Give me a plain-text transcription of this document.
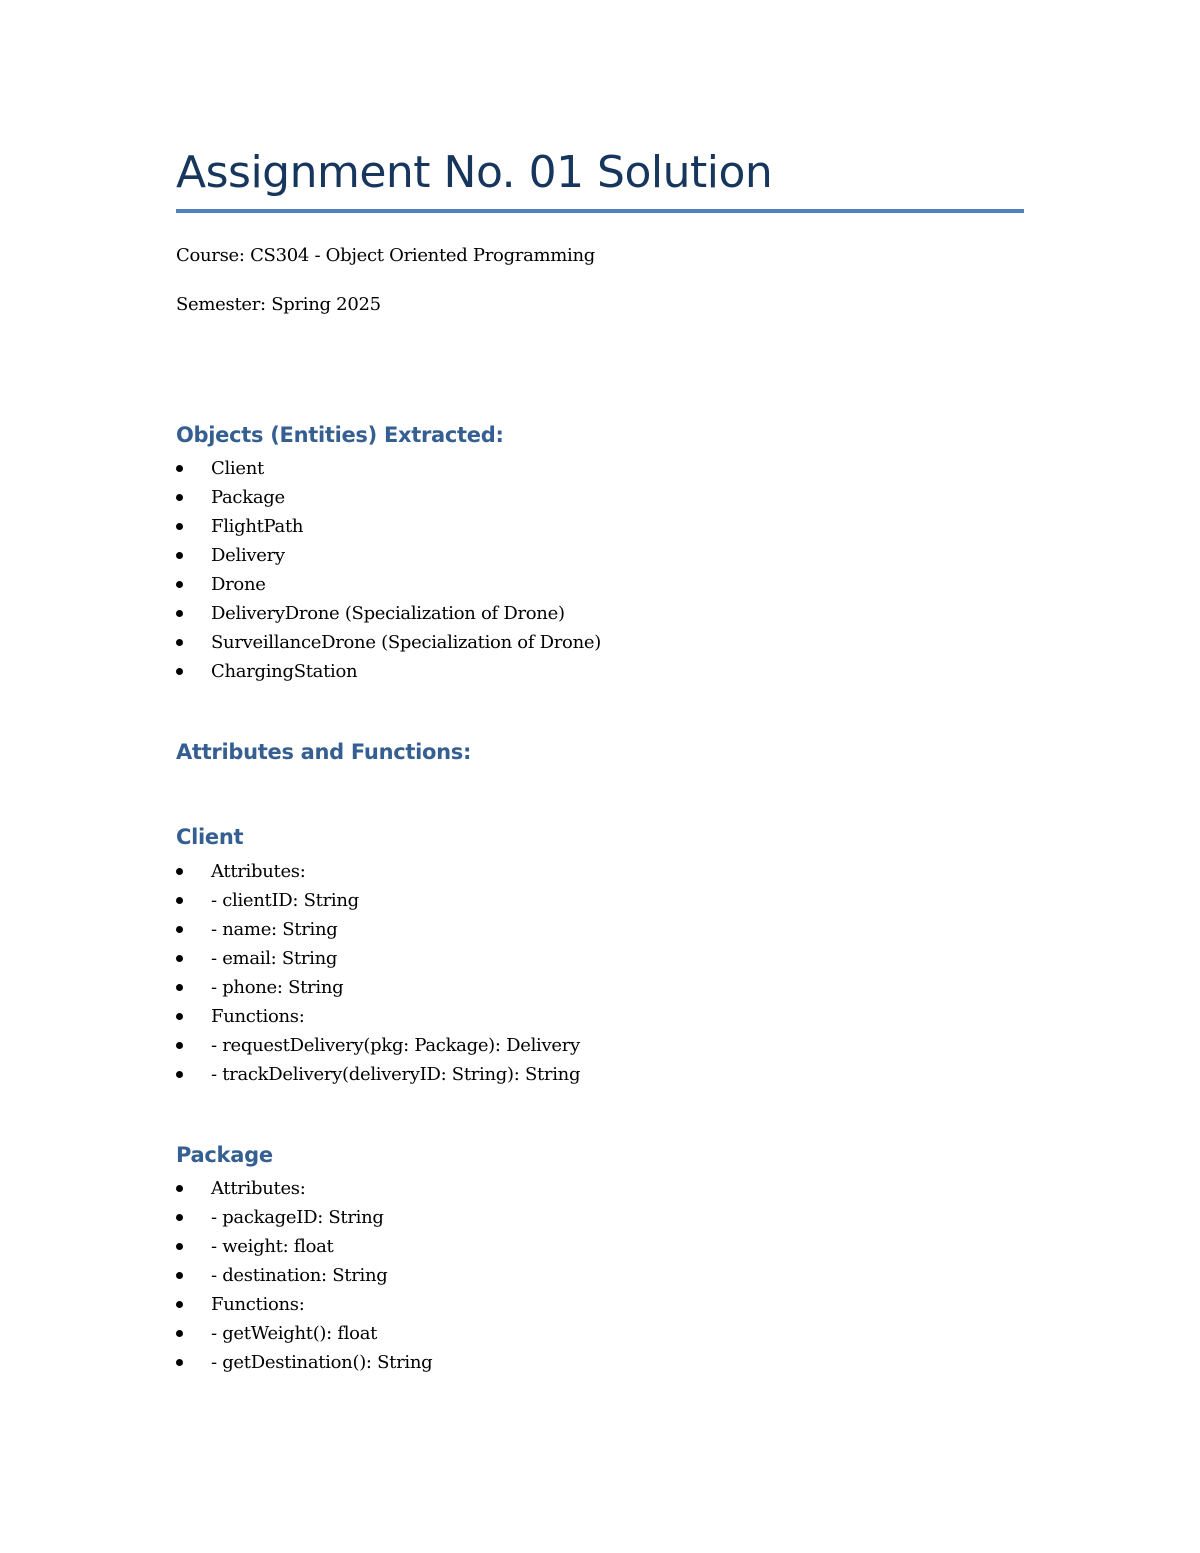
Assignment No. 01 Solution

Course: CS304 - Object Oriented Programming

Semester: Spring 2025

Objects (Entities) Extracted:
Client
Package
FlightPath
Delivery
Drone
DeliveryDrone (Specialization of Drone)
SurveillanceDrone (Specialization of Drone)
ChargingStation
Attributes and Functions:
Client
Attributes:
- clientID: String
- name: String
- email: String
- phone: String
Functions:
- requestDelivery(pkg: Package): Delivery
- trackDelivery(deliveryID: String): String
Package
Attributes:
- packageID: String
- weight: float
- destination: String
Functions:
- getWeight(): float
- getDestination(): String
